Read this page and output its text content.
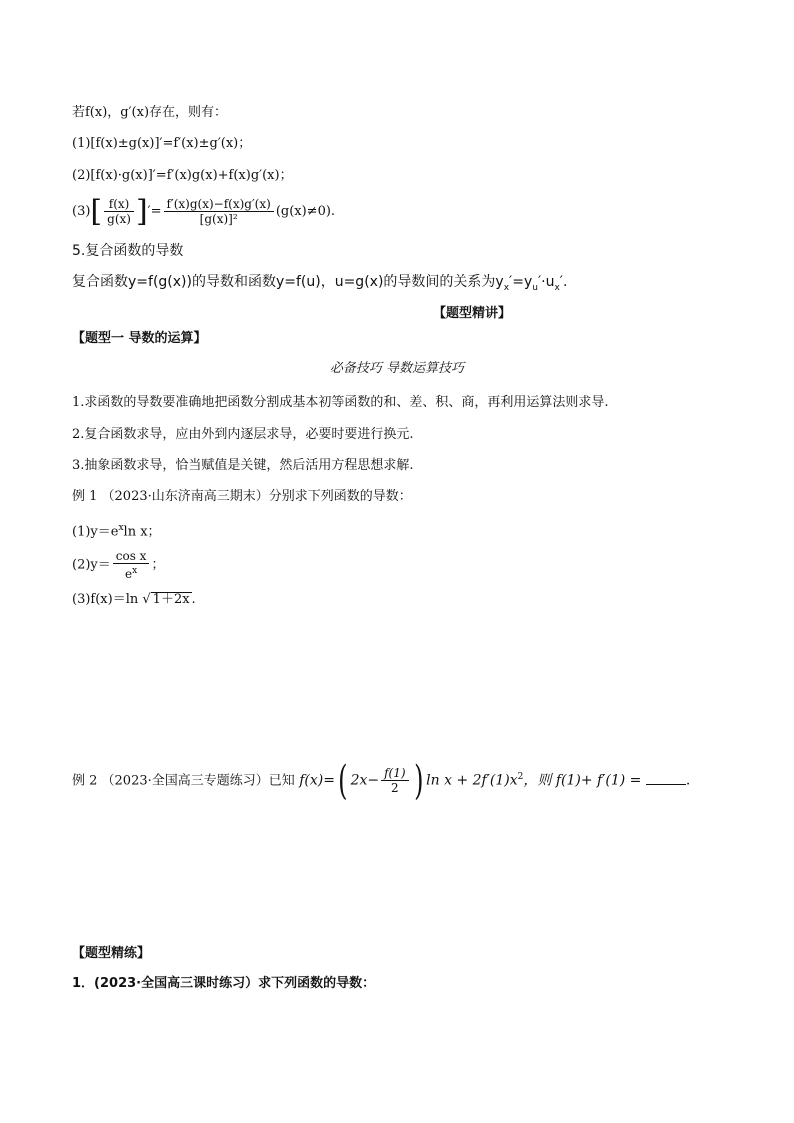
若f(x)，g′(x)存在，则有：
(1)[f(x)±g(x)]′=f′(x)±g′(x)；
(2)[f(x)·g(x)]′=f′(x)g(x)+f(x)g′(x)；
$(3)[ \frac{f(x)}{g(x)}$ ]′= $\frac{f'(x)g(x)-f(x)g'(x)}{\text{[g(x)]²}} (g(x)\ne 0)$.
5.复合函数的导数
复合函数y=f(g(x))的导数和函数y=f(u)，u=g(x)的导数间的关系为$y_x'=y_u'\cdot u_x'$.
【题型精讲】
【题型一 导数的运算】
必备技巧 导数运算技巧
1.求函数的导数要准确地把函数分割成基本初等函数的和、差、积、商，再利用运算法则求导.
2.复合函数求导，应由外到内逐层求导，必要时要进行换元.
3.抽象函数求导，恰当赋值是关键，然后活用方程思想求解.
例 1 （2023·山东济南高三期末）分别求下列函数的导数：
$(1)y=e^x\ln$ x；
$(2)y= \frac{\text{cos x}}{e^x}$ ；
(3)f(x)＝ln √ 1＋2x .
例 2 （2023·全国高三专题练习）已知 f(x)=( $2x- \frac{f(1)}{2}$ ) $\ln x + 2f'(1)x^2$，则 f(1)+ f′(1) =	.
【题型精练】
1．(2023·全国高三课时练习）求下列函数的导数：
